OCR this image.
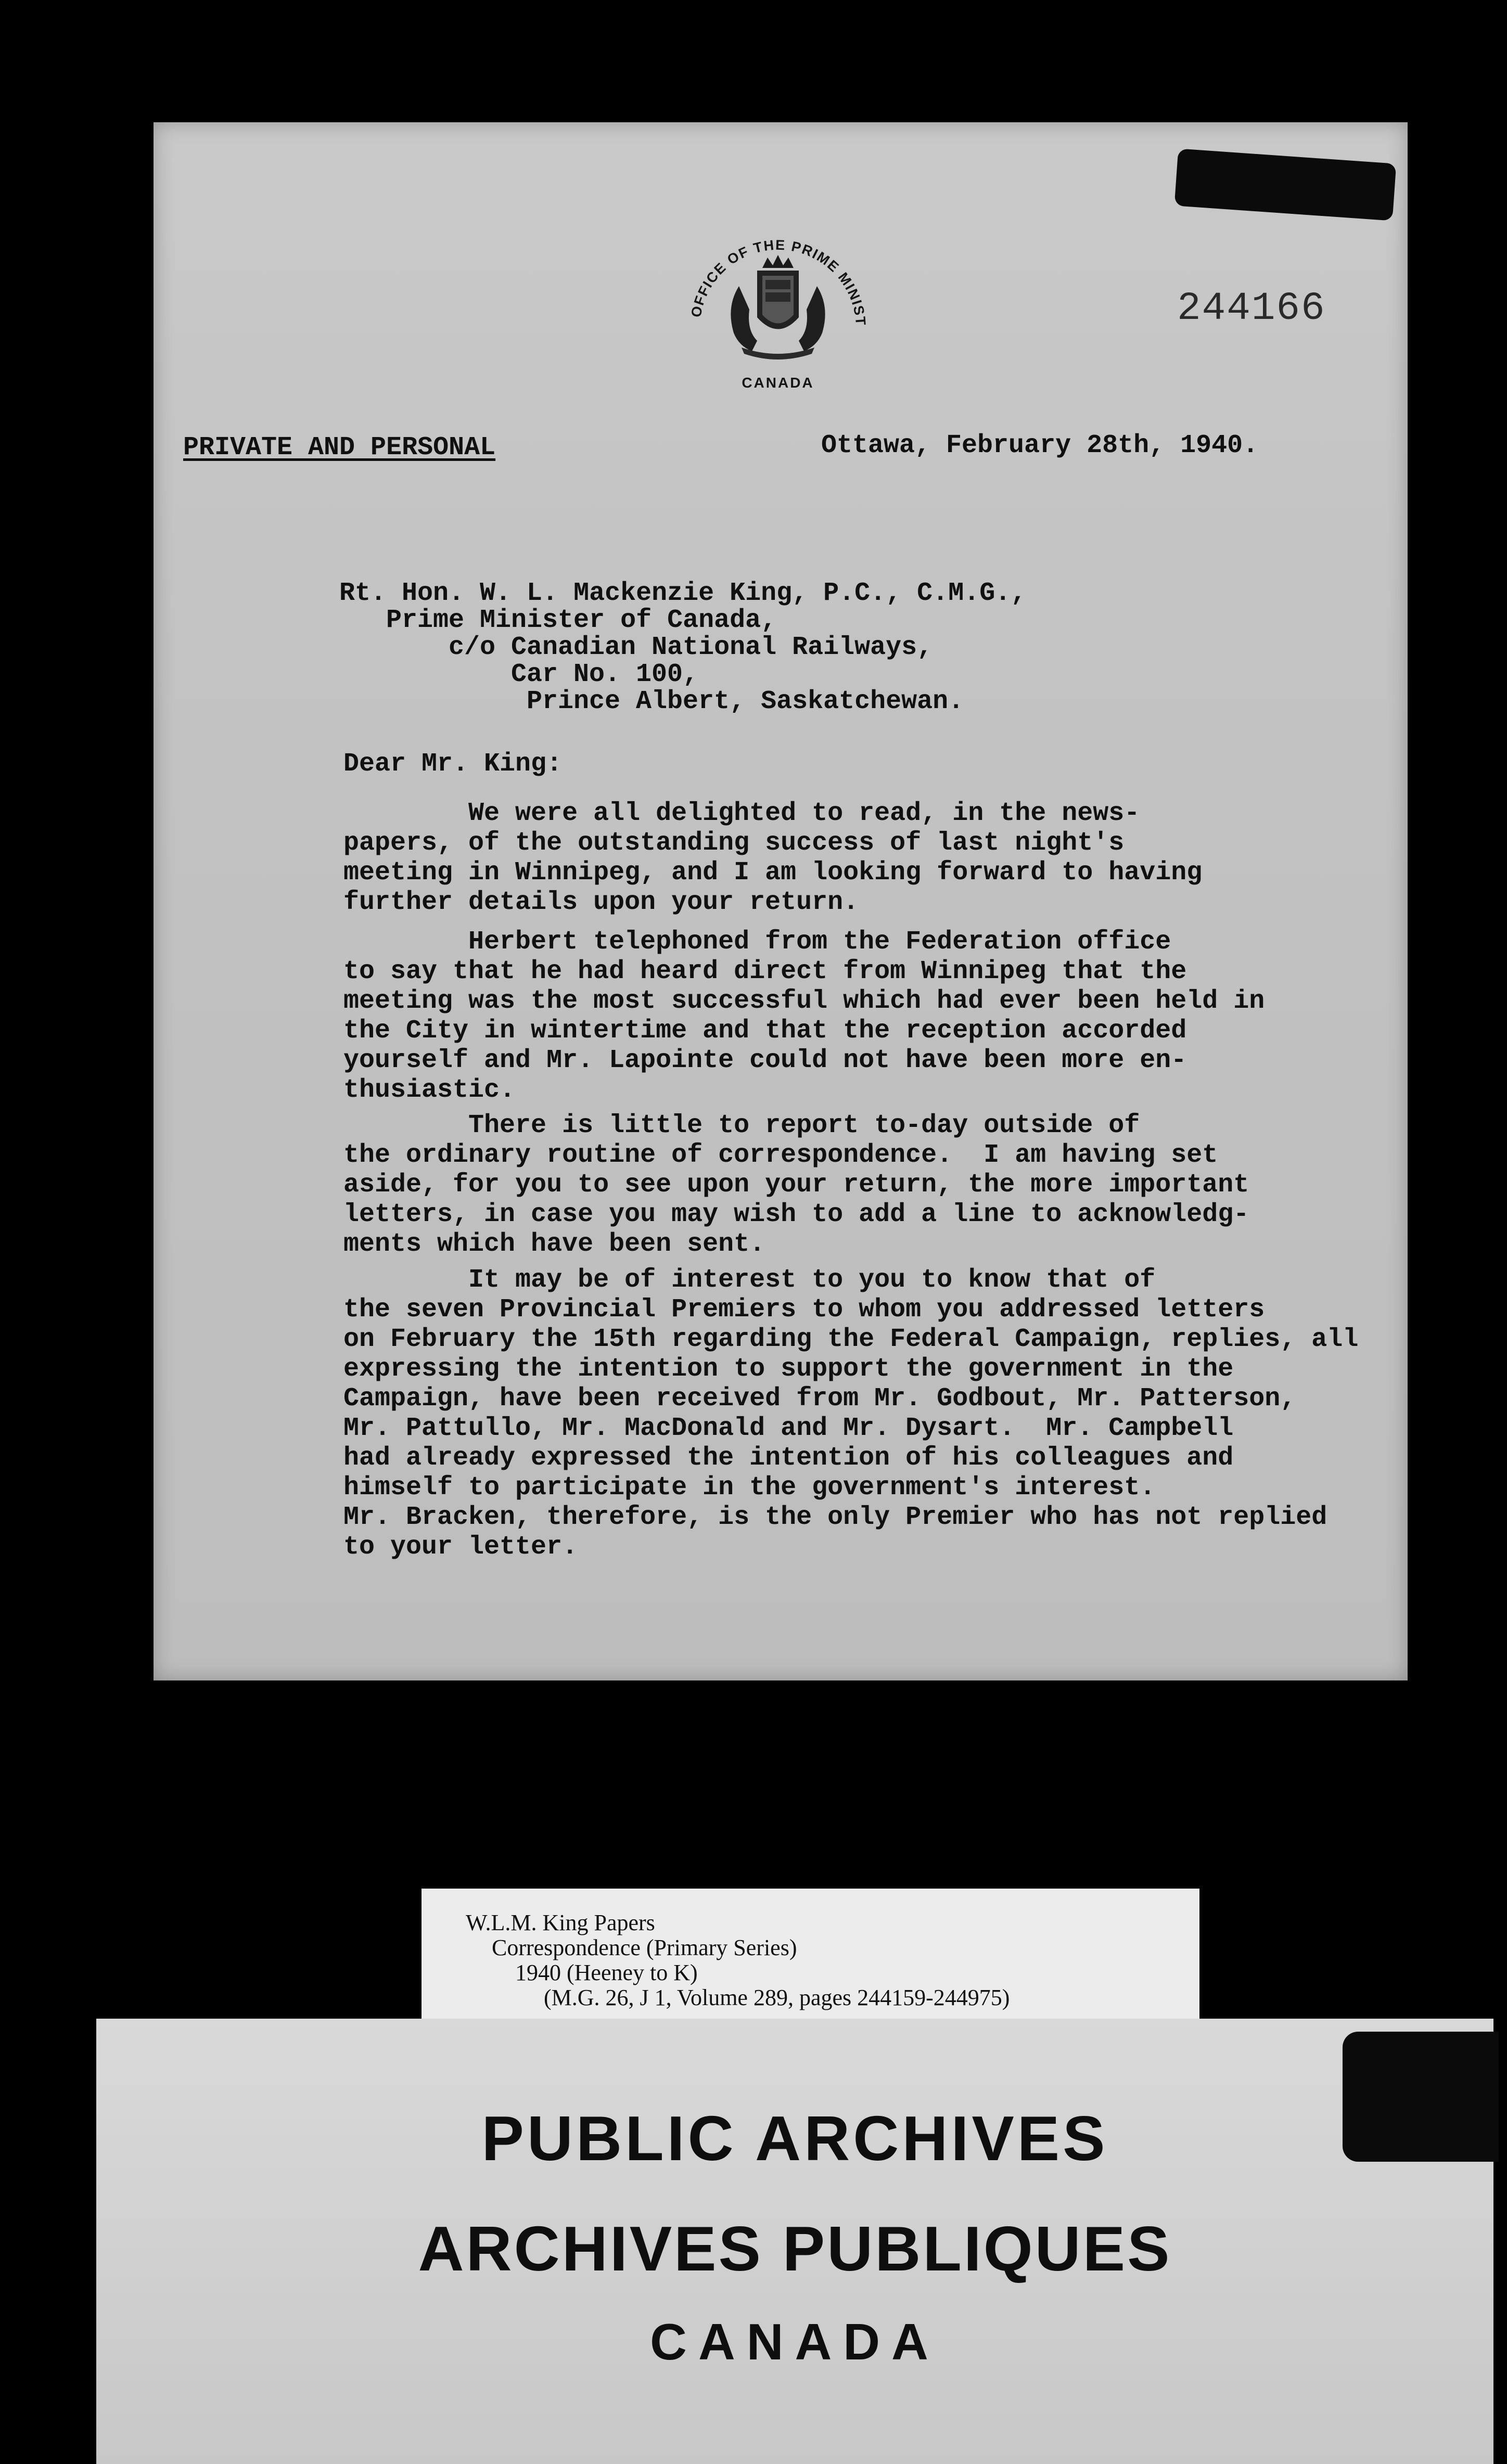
OFFICE OF THE PRIME MINIST
CANADA
244166
PRIVATE AND PERSONAL	Ottawa, February 28th, 1940.
Rt. Hon. W. L. Mackenzie King, P.C., C.M.G.,
Prime Minister of Canada,
c/o Canadian National Railways,
Car No. 100,
Prince Albert, Saskatchewan.
Dear Mr. King:

We were all delighted to read, in the news-

papers, of the outstanding success of last night's

meeting in Winnipeg, and I am looking forward to having

further details upon your return.

Herbert telephoned from the Federation office

to say that he had heard direct from Winnipeg that the

meeting was the most successful which had ever been held in

the City in wintertime and that the reception accorded

yourself and Mr. Lapointe could not have been more en-

thusiastic.

There is little to report to-day outside of

the ordinary routine of correspondence.  I am having set

aside, for you to see upon your return, the more important

letters, in case you may wish to add a line to acknowledg-

ments which have been sent.

It may be of interest to you to know that of

the seven Provincial Premiers to whom you addressed letters

on February the 15th regarding the Federal Campaign, replies, all

expressing the intention to support the government in the

Campaign, have been received from Mr. Godbout, Mr. Patterson,

Mr. Pattullo, Mr. MacDonald and Mr. Dysart.  Mr. Campbell

had already expressed the intention of his colleagues and

himself to participate in the government's interest.

Mr. Bracken, therefore, is the only Premier who has not replied

to your letter.

W.L.M. King Papers
Correspondence (Primary Series)
1940 (Heeney to K)
(M.G. 26, J 1, Volume 289, pages 244159-244975)
PUBLIC ARCHIVES
ARCHIVES PUBLIQUES
CANADA
